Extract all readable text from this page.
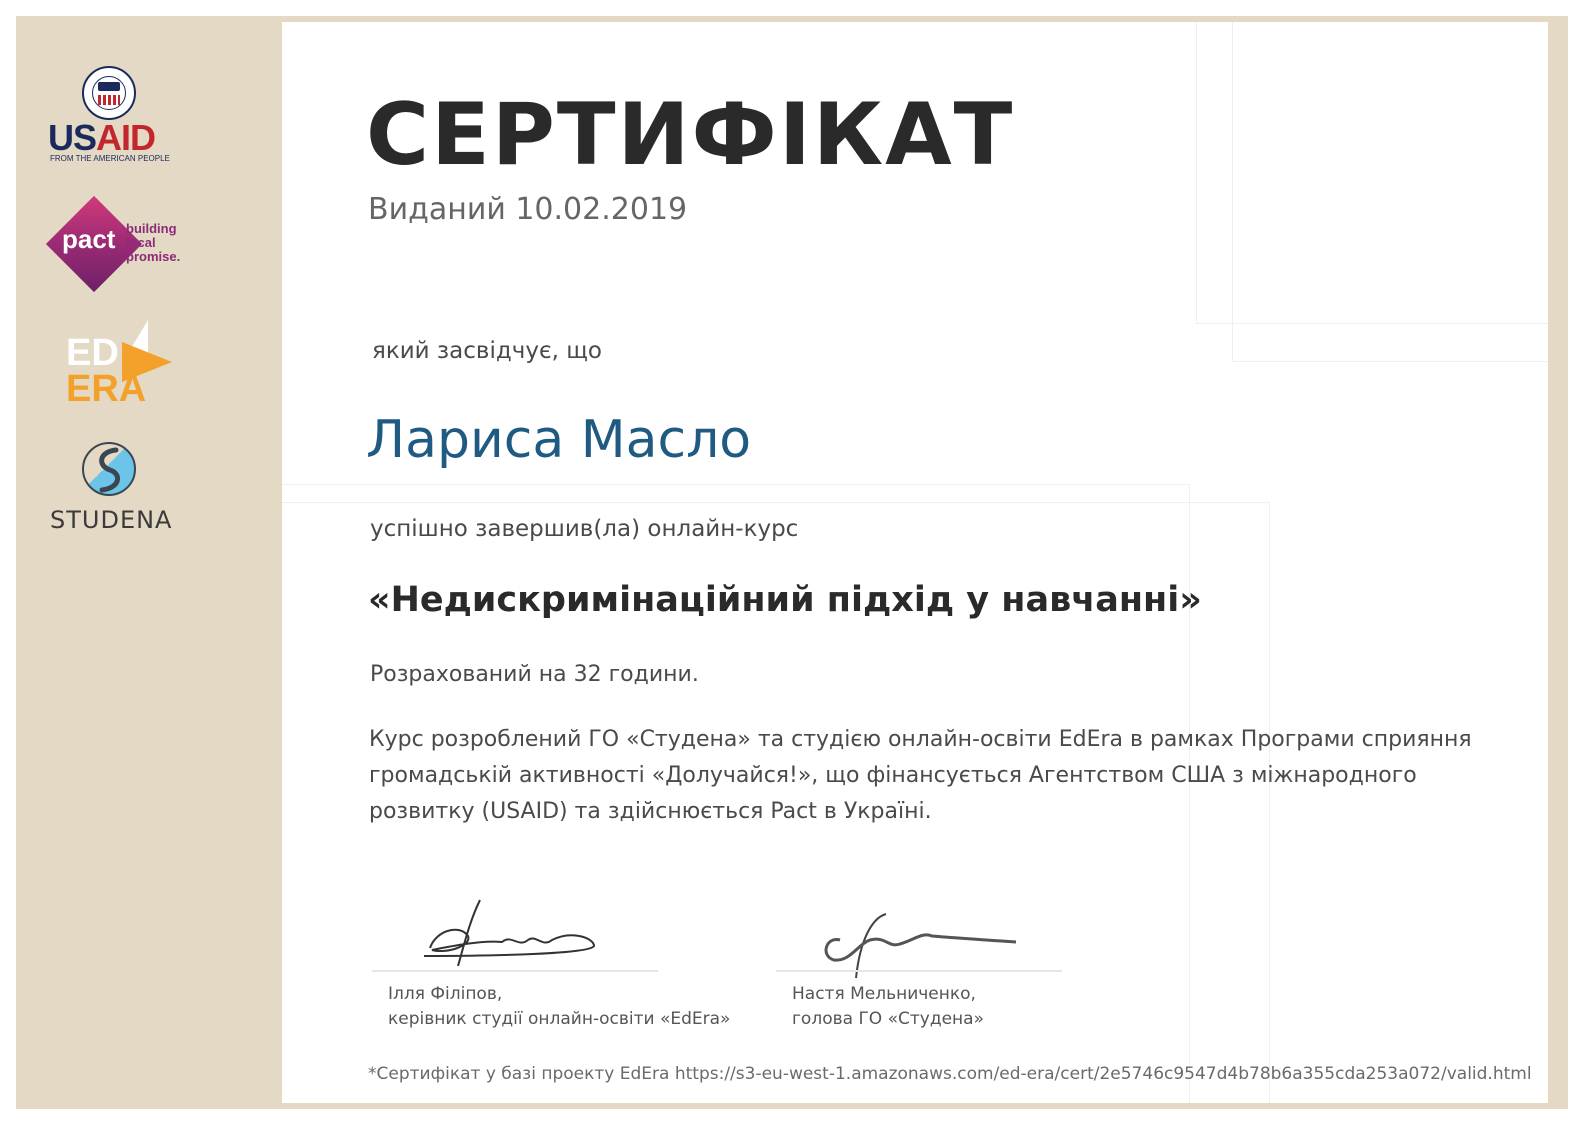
USAID
FROM THE AMERICAN PEOPLE
pact building
local
promise.
ED
ERA
STUDENA
СЕРТИФІКАТ
Виданий 10.02.2019
який засвідчує, що
Лариса Масло
успішно завершив(ла) онлайн-курс
«Недискримінаційний підхід у навчанні»
Розрахований на 32 години.
Курс розроблений ГО «Студена» та студією онлайн-освіти EdEra в рамках Програми сприяння громадській активності «Долучайся!», що фінансується Агентством США з міжнародного розвитку (USAID) та здійснюється Pact в Україні.
Ілля Філіпов,
керівник студії онлайн-освіти «EdEra»
Настя Мельниченко,
голова ГО «Студена»
*Сертифікат у базі проекту EdEra https://s3-eu-west-1.amazonaws.com/ed-era/cert/2e5746c9547d4b78b6a355cda253a072/valid.html
